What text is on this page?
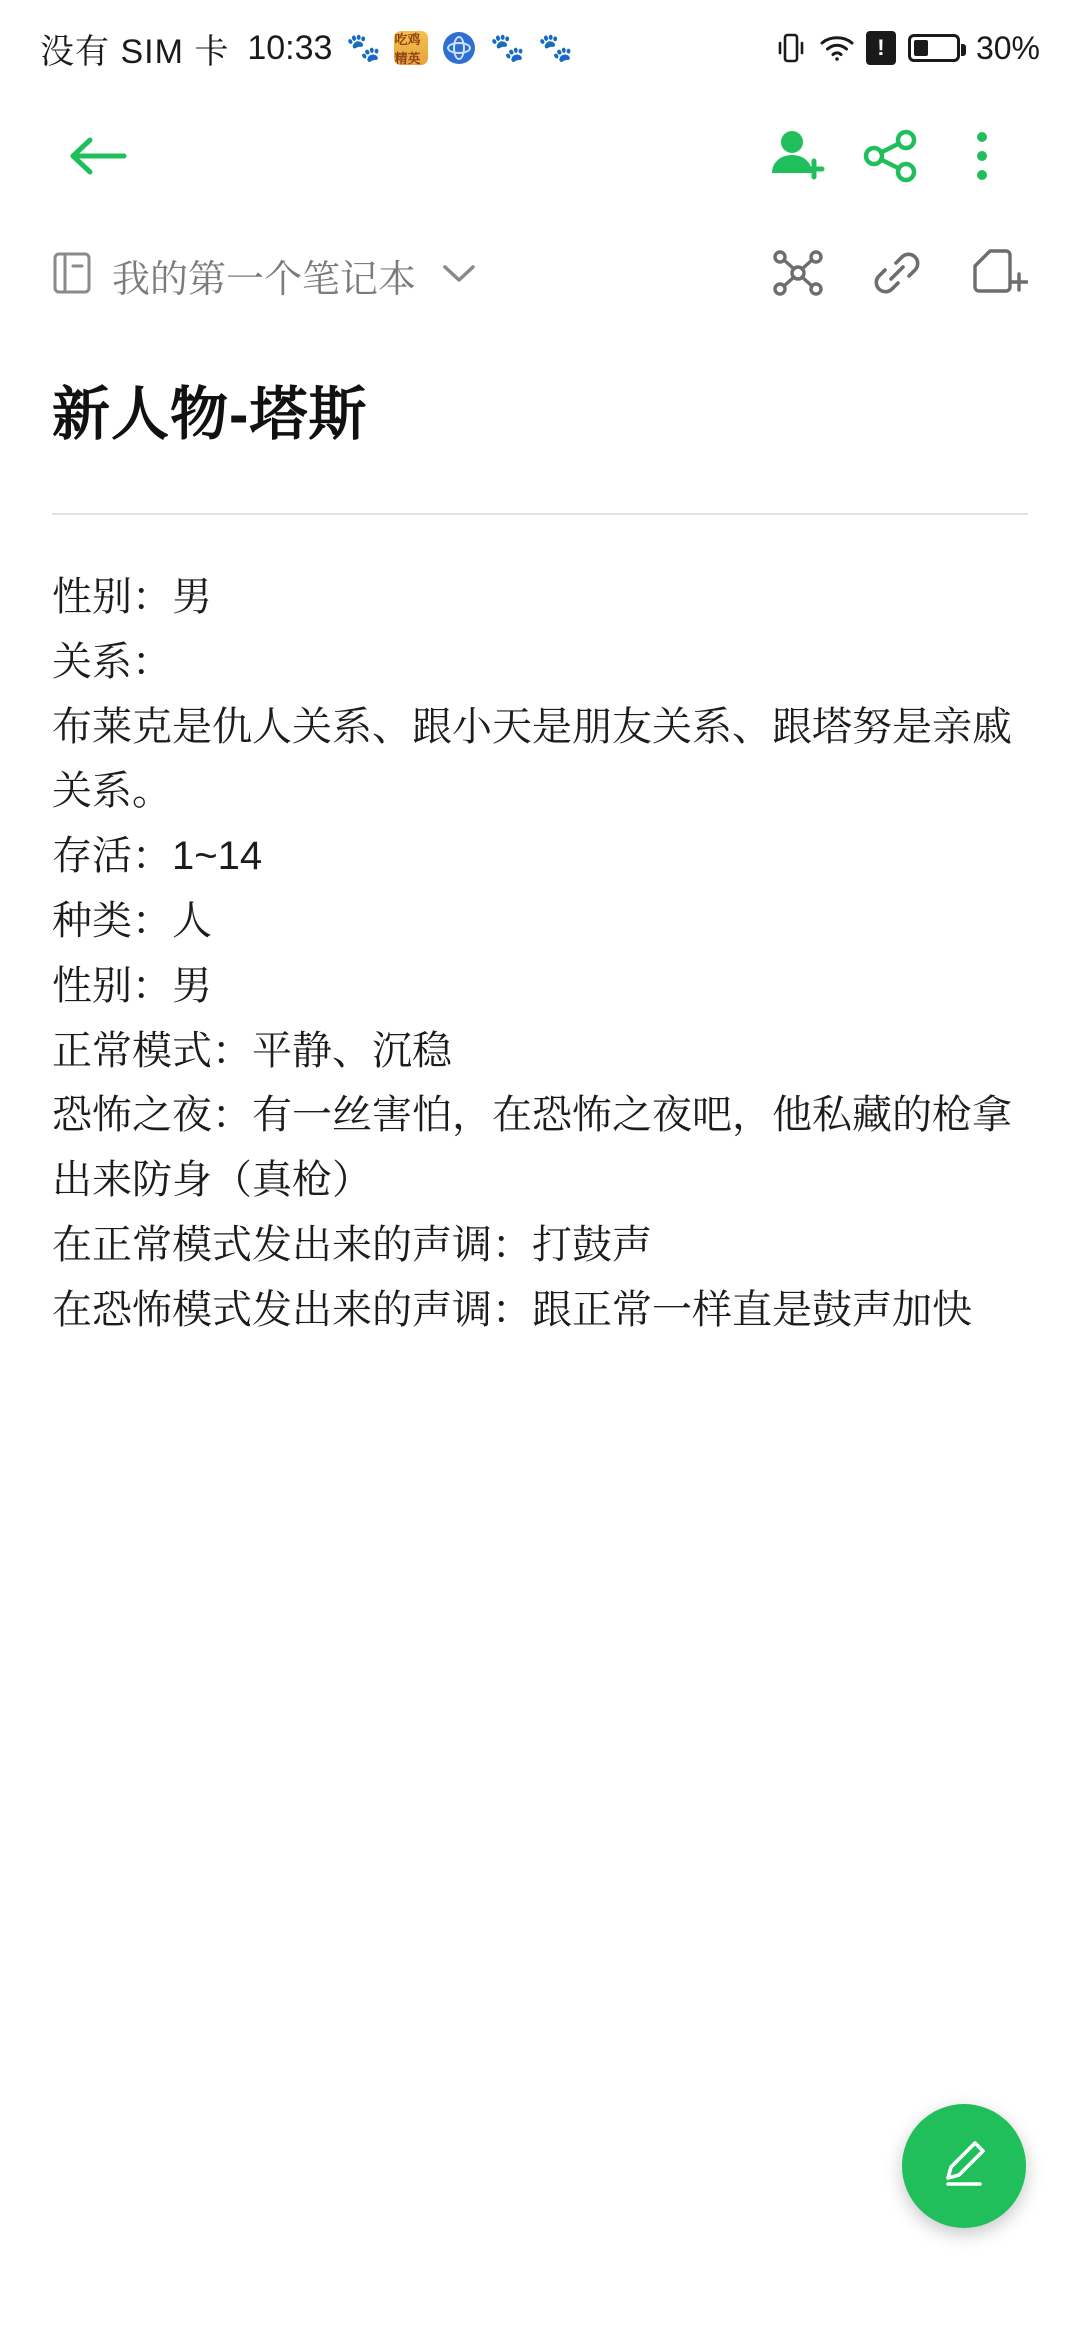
没有 SIM 卡 10:33 🐾 吃鸡精英 🐾 🐾	!	30%
我的第一个笔记本
新人物-塔斯

性别：男

关系：

布莱克是仇人关系、跟小天是朋友关系、跟塔努是亲戚关系。

存活：1~14

种类：人

性别：男

正常模式：平静、沉稳

恐怖之夜：有一丝害怕，在恐怖之夜吧，他私藏的枪拿出来防身（真枪）

在正常模式发出来的声调：打鼓声

在恐怖模式发出来的声调：跟正常一样直是鼓声加快
